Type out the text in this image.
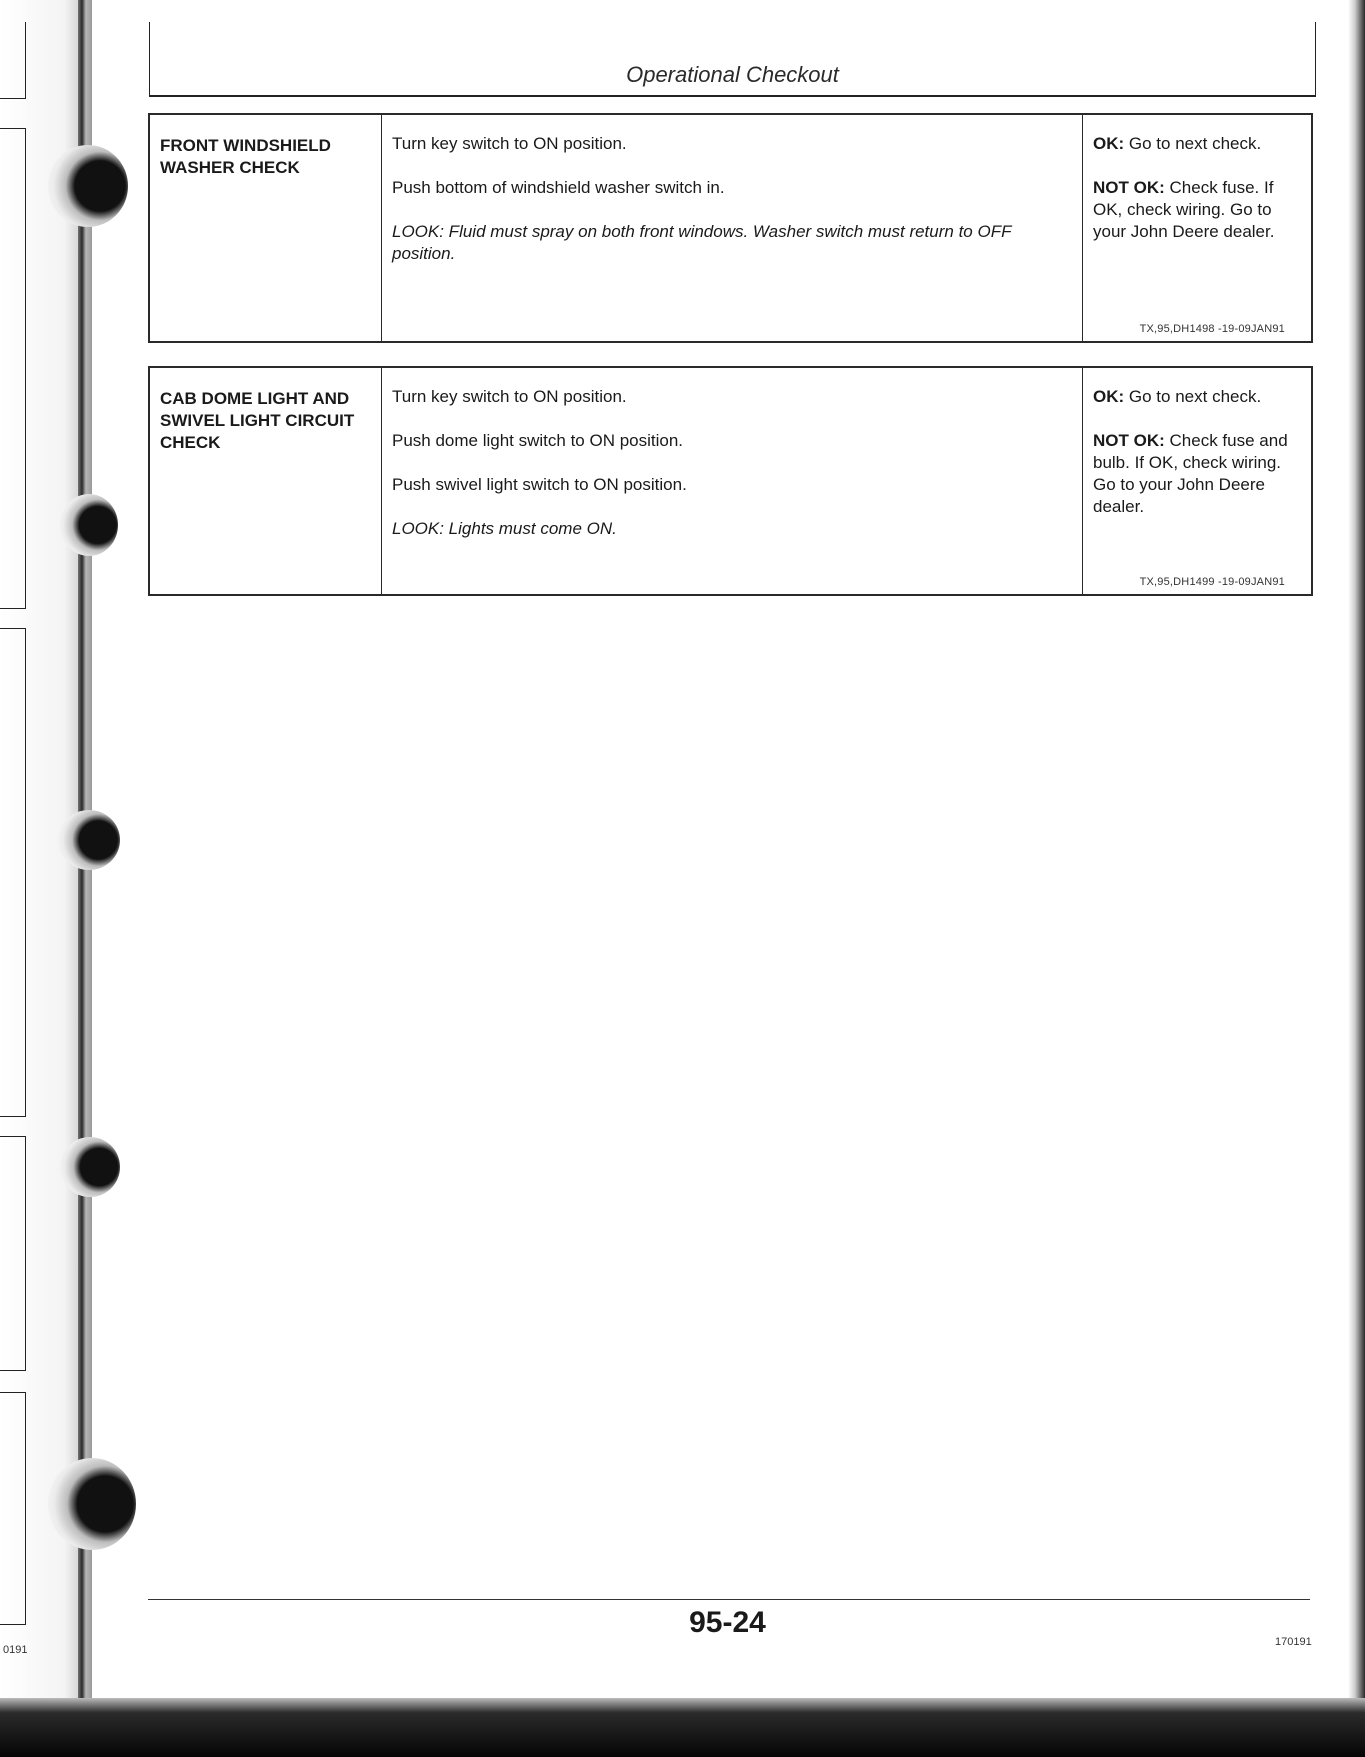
0191
Operational Checkout
FRONT WINDSHIELD WASHER CHECK

Turn key switch to ON position.

Push bottom of windshield washer switch in.

LOOK: Fluid must spray on both front windows. Washer switch must return to OFF position.

OK: Go to next check.

NOT OK: Check fuse. If OK, check wiring. Go to your John Deere dealer.

TX,95,DH1498 -19-09JAN91
CAB DOME LIGHT AND SWIVEL LIGHT CIRCUIT CHECK

Turn key switch to ON position.

Push dome light switch to ON position.

Push swivel light switch to ON position.

LOOK: Lights must come ON.

OK: Go to next check.

NOT OK: Check fuse and bulb. If OK, check wiring. Go to your John Deere dealer.

TX,95,DH1499 -19-09JAN91
95-24
170191
